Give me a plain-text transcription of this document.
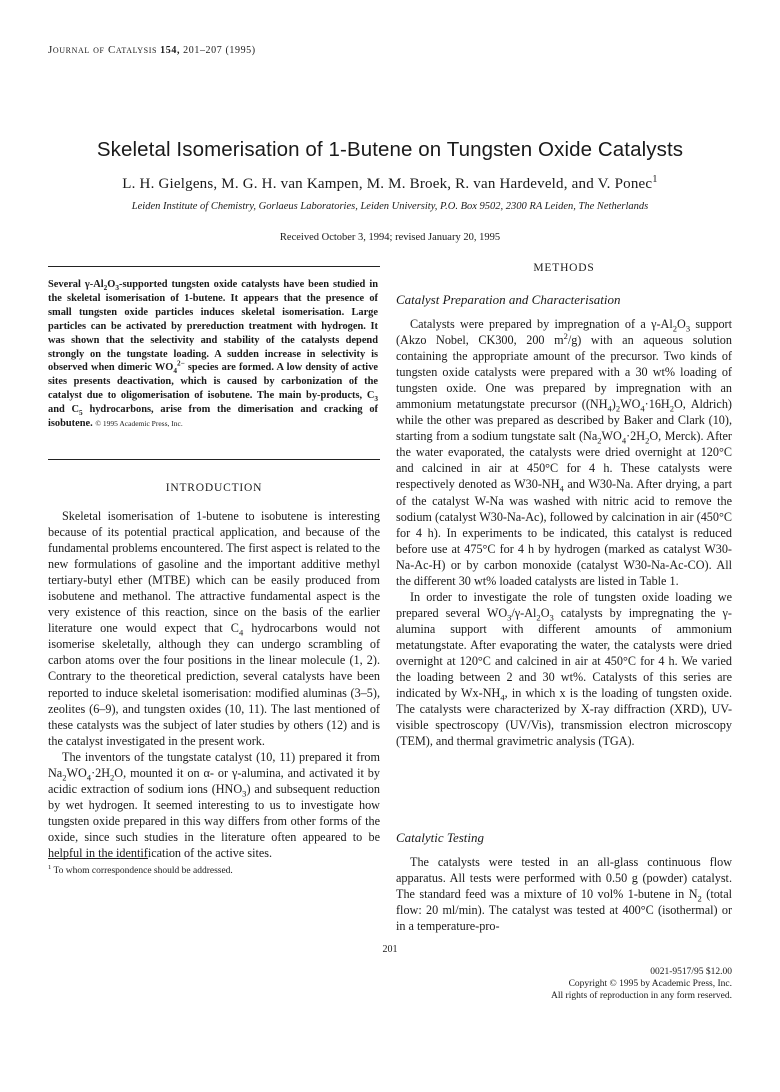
Journal of Catalysis 154, 201–207 (1995)
Skeletal Isomerisation of 1-Butene on Tungsten Oxide Catalysts
L. H. Gielgens, M. G. H. van Kampen, M. M. Broek, R. van Hardeveld, and V. Ponec$^1$
Leiden Institute of Chemistry, Gorlaeus Laboratories, Leiden University, P.O. Box 9502, 2300 RA Leiden, The Netherlands
Received October 3, 1994; revised January 20, 1995
Several $\gamma-Al_2O_3$-supported tungsten oxide catalysts have been studied in the skeletal isomerisation of 1-butene. It appears that the presence of small tungsten oxide particles induces skeletal isomerisation. Large particles can be activated by prereduction treatment with hydrogen. It was shown that the selectivity and stability of the catalysts depend strongly on the tungstate loading. A sudden increase in selectivity is observed when dimeric $WO_4^{2-}$ species are formed. A low density of active sites presents deactivation, which is caused by carbonization of the catalyst due to oligomerisation of isobutene. The main by-products, $C_3$ and $C_5$ hydrocarbons, arise from the dimerisation and cracking of isobutene. © 1995 Academic Press, Inc.
INTRODUCTION

Skeletal isomerisation of 1-butene to isobutene is interesting because of its potential practical application, and because of the fundamental problems encountered. The first aspect is related to the new formulations of gasoline and the important additive methyl tertiary-butyl ether (MTBE) which can be easily produced from isobutene and methanol. The attractive fundamental aspect is the very existence of this reaction, since on the basis of the earlier literature one would expect that $C_4$ hydrocarbons would not isomerise skeletally, although they can undergo scrambling of carbon atoms over the four positions in the linear molecule (1, 2). Contrary to the theoretical prediction, several catalysts have been reported to induce skeletal isomerisation: modified aluminas (3–5), zeolites (6–9), and tungsten oxides (10, 11). The last mentioned of these catalysts was the subject of later studies by others (12) and is the catalyst investigated in the present work.

The inventors of the tungstate catalyst (10, 11) prepared it from $Na_2WO_4\cdot 2H_2O$, mounted it on α- or γ-alumina, and activated it by acidic extraction of sodium ions $(HNO_3)$ and subsequent reduction by wet hydrogen. It seemed interesting to us to investigate how tungsten oxide prepared in this way differs from other forms of the oxide, since such studies in the literature often appeared to be helpful in the identification of the active sites.

$^1$ To whom correspondence should be addressed.
METHODS
Catalyst Preparation and Characterisation

Catalysts were prepared by impregnation of a $\gamma-Al_2O_3$ support (Akzo Nobel, CK300, 200 $m^2/g$) with an aqueous solution containing the appropriate amount of the precursor. Two kinds of tungsten oxide catalysts were prepared with a 30 wt% loading of tungsten oxide. One was prepared by impregnation with an ammonium metatungstate precursor ($(NH_4)_2WO_4\cdot 16H_2O$, Aldrich) while the other was prepared as described by Baker and Clark (10), starting from a sodium tungstate salt ($Na_2WO_4\cdot 2H_2O$, Merck). After the water evaporated, the catalysts were dried overnight at 120°C and calcined in air at 450°C for 4 h. These catalysts were respectively denoted as $W30-NH_4$ and W30-Na. After drying, a part of the catalyst W-Na was washed with nitric acid to remove the sodium (catalyst W30-Na-Ac), followed by calcination in air (450°C for 4 h). In experiments to be indicated, this catalyst is reduced before use at 475°C for 4 h by hydrogen (marked as catalyst W30-Na-Ac-H) or by carbon monoxide (catalyst W30-Na-Ac-CO). All the different 30 wt% loaded catalysts are listed in Table 1.

In order to investigate the role of tungsten oxide loading we prepared several $WO_3/\gamma-Al_2O_3$ catalysts by impregnating the γ-alumina support with different amounts of ammonium metatungstate. After evaporating the water, the catalysts were dried overnight at 120°C and calcined in air at 450°C for 4 h. We varied the loading between 2 and 30 wt%. Catalysts of this series are indicated by $Wx-NH_4$, in which x is the loading of tungsten oxide. The catalysts were characterized by X-ray diffraction (XRD), UV-visible spectroscopy (UV/Vis), transmission electron microscopy (TEM), and thermal gravimetric analysis (TGA).

Catalytic Testing

The catalysts were tested in an all-glass continuous flow apparatus. All tests were performed with 0.50 g (powder) catalyst. The standard feed was a mixture of 10 vol% 1-butene in $N_2$ (total flow: 20 ml/min). The catalyst was tested at 400°C (isothermal) or in a temperature-pro-

201
0021-9517/95 $12.00
Copyright © 1995 by Academic Press, Inc.
All rights of reproduction in any form reserved.
